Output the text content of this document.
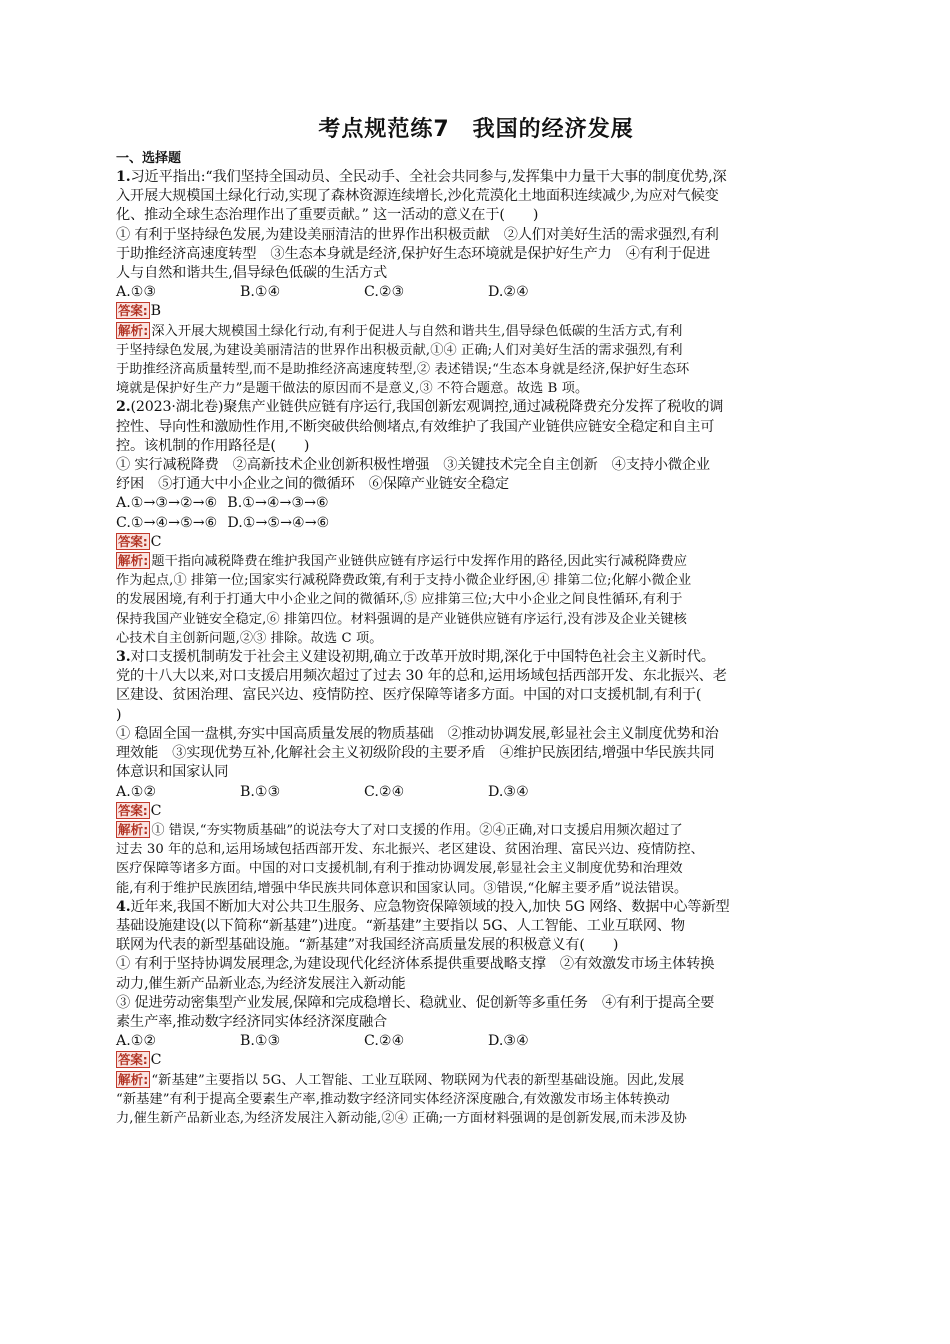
考点规范练7　我国的经济发展
一、选择题
1.习近平指出:“我们坚持全国动员、全民动手、全社会共同参与,发挥集中力量干大事的制度优势,深
入开展大规模国土绿化行动,实现了森林资源连续增长,沙化荒漠化土地面积连续减少,为应对气候变
化、推动全球生态治理作出了重要贡献。” 这一活动的意义在于(　　)
① 有利于坚持绿色发展,为建设美丽清洁的世界作出积极贡献　②人们对美好生活的需求强烈,有利
于助推经济高速度转型　③生态本身就是经济,保护好生态环境就是保护好生产力　④有利于促进
人与自然和谐共生,倡导绿色低碳的生活方式
A.①③	B.①④	C.②③	D.②④
答案: B
解析: 深入开展大规模国土绿化行动,有利于促进人与自然和谐共生,倡导绿色低碳的生活方式,有利
于坚持绿色发展,为建设美丽清洁的世界作出积极贡献,①④ 正确;人们对美好生活的需求强烈,有利
于助推经济高质量转型,而不是助推经济高速度转型,② 表述错误;“生态本身就是经济,保护好生态环
境就是保护好生产力”是题干做法的原因而不是意义,③ 不符合题意。故选 B 项。
2.(2023·湖北卷)聚焦产业链供应链有序运行,我国创新宏观调控,通过减税降费充分发挥了税收的调
控性、导向性和激励性作用,不断突破供给侧堵点,有效维护了我国产业链供应链安全稳定和自主可
控。该机制的作用路径是(　　)
① 实行减税降费　②高新技术企业创新积极性增强　③关键技术完全自主创新　④支持小微企业
纾困　⑤打通大中小企业之间的微循环　⑥保障产业链安全稳定
A.①→③→②→⑥ B.①→④→③→⑥
C.①→④→⑤→⑥ D.①→⑤→④→⑥
答案: C
解析: 题干指向减税降费在维护我国产业链供应链有序运行中发挥作用的路径,因此实行减税降费应
作为起点,① 排第一位;国家实行减税降费政策,有利于支持小微企业纾困,④ 排第二位;化解小微企业
的发展困境,有利于打通大中小企业之间的微循环,⑤ 应排第三位;大中小企业之间良性循环,有利于
保持我国产业链安全稳定,⑥ 排第四位。材料强调的是产业链供应链有序运行,没有涉及企业关键核
心技术自主创新问题,②③ 排除。故选 C 项。
3.对口支援机制萌发于社会主义建设初期,确立于改革开放时期,深化于中国特色社会主义新时代。
党的十八大以来,对口支援启用频次超过了过去 30 年的总和,运用场域包括西部开发、东北振兴、老
区建设、贫困治理、富民兴边、疫情防控、医疗保障等诸多方面。中国的对口支援机制,有利于(
)
① 稳固全国一盘棋,夯实中国高质量发展的物质基础　②推动协调发展,彰显社会主义制度优势和治
理效能　③实现优势互补,化解社会主义初级阶段的主要矛盾　④维护民族团结,增强中华民族共同
体意识和国家认同
A.①②	B.①③	C.②④	D.③④
答案: C
解析: ① 错误,“夯实物质基础”的说法夸大了对口支援的作用。②④正确,对口支援启用频次超过了
过去 30 年的总和,运用场域包括西部开发、东北振兴、老区建设、贫困治理、富民兴边、疫情防控、
医疗保障等诸多方面。中国的对口支援机制,有利于推动协调发展,彰显社会主义制度优势和治理效
能,有利于维护民族团结,增强中华民族共同体意识和国家认同。③错误,“化解主要矛盾”说法错误。
4.近年来,我国不断加大对公共卫生服务、应急物资保障领域的投入,加快 5G 网络、数据中心等新型
基础设施建设(以下简称“新基建”)进度。“新基建”主要指以 5G、人工智能、工业互联网、物
联网为代表的新型基础设施。“新基建”对我国经济高质量发展的积极意义有(　　)
① 有利于坚持协调发展理念,为建设现代化经济体系提供重要战略支撑　②有效激发市场主体转换
动力,催生新产品新业态,为经济发展注入新动能
③ 促进劳动密集型产业发展,保障和完成稳增长、稳就业、促创新等多重任务　④有利于提高全要
素生产率,推动数字经济同实体经济深度融合
A.①②	B.①③	C.②④	D.③④
答案: C
解析: “新基建”主要指以 5G、人工智能、工业互联网、物联网为代表的新型基础设施。因此,发展
“新基建”有利于提高全要素生产率,推动数字经济同实体经济深度融合,有效激发市场主体转换动
力,催生新产品新业态,为经济发展注入新动能,②④ 正确;一方面材料强调的是创新发展,而未涉及协
